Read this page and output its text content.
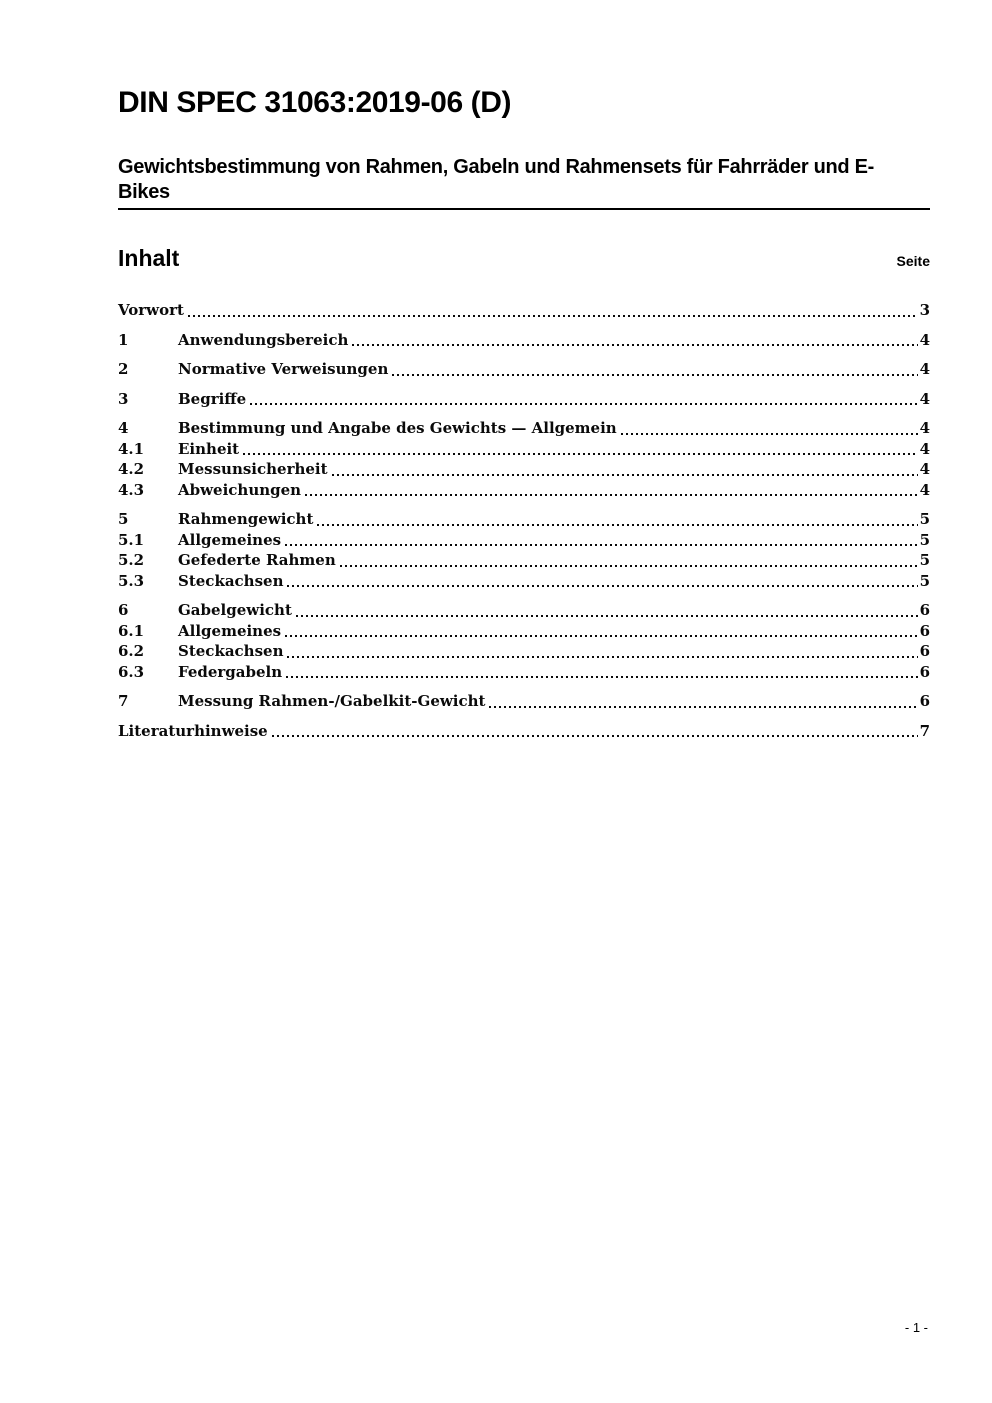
DIN SPEC 31063:2019-06 (D)
Gewichtsbestimmung von Rahmen, Gabeln und Rahmensets für Fahrräder und E-
Bikes
Inhalt	Seite
Vorwort	3
1	Anwendungsbereich	4
2	Normative Verweisungen	4
3	Begriffe	4
4	Bestimmung und Angabe des Gewichts — Allgemein	4
4.1	Einheit	4
4.2	Messunsicherheit	4
4.3	Abweichungen	4
5	Rahmengewicht	5
5.1	Allgemeines	5
5.2	Gefederte Rahmen	5
5.3	Steckachsen	5
6	Gabelgewicht	6
6.1	Allgemeines	6
6.2	Steckachsen	6
6.3	Federgabeln	6
7	Messung Rahmen-/Gabelkit-Gewicht	6
Literaturhinweise	7
- 1 -
